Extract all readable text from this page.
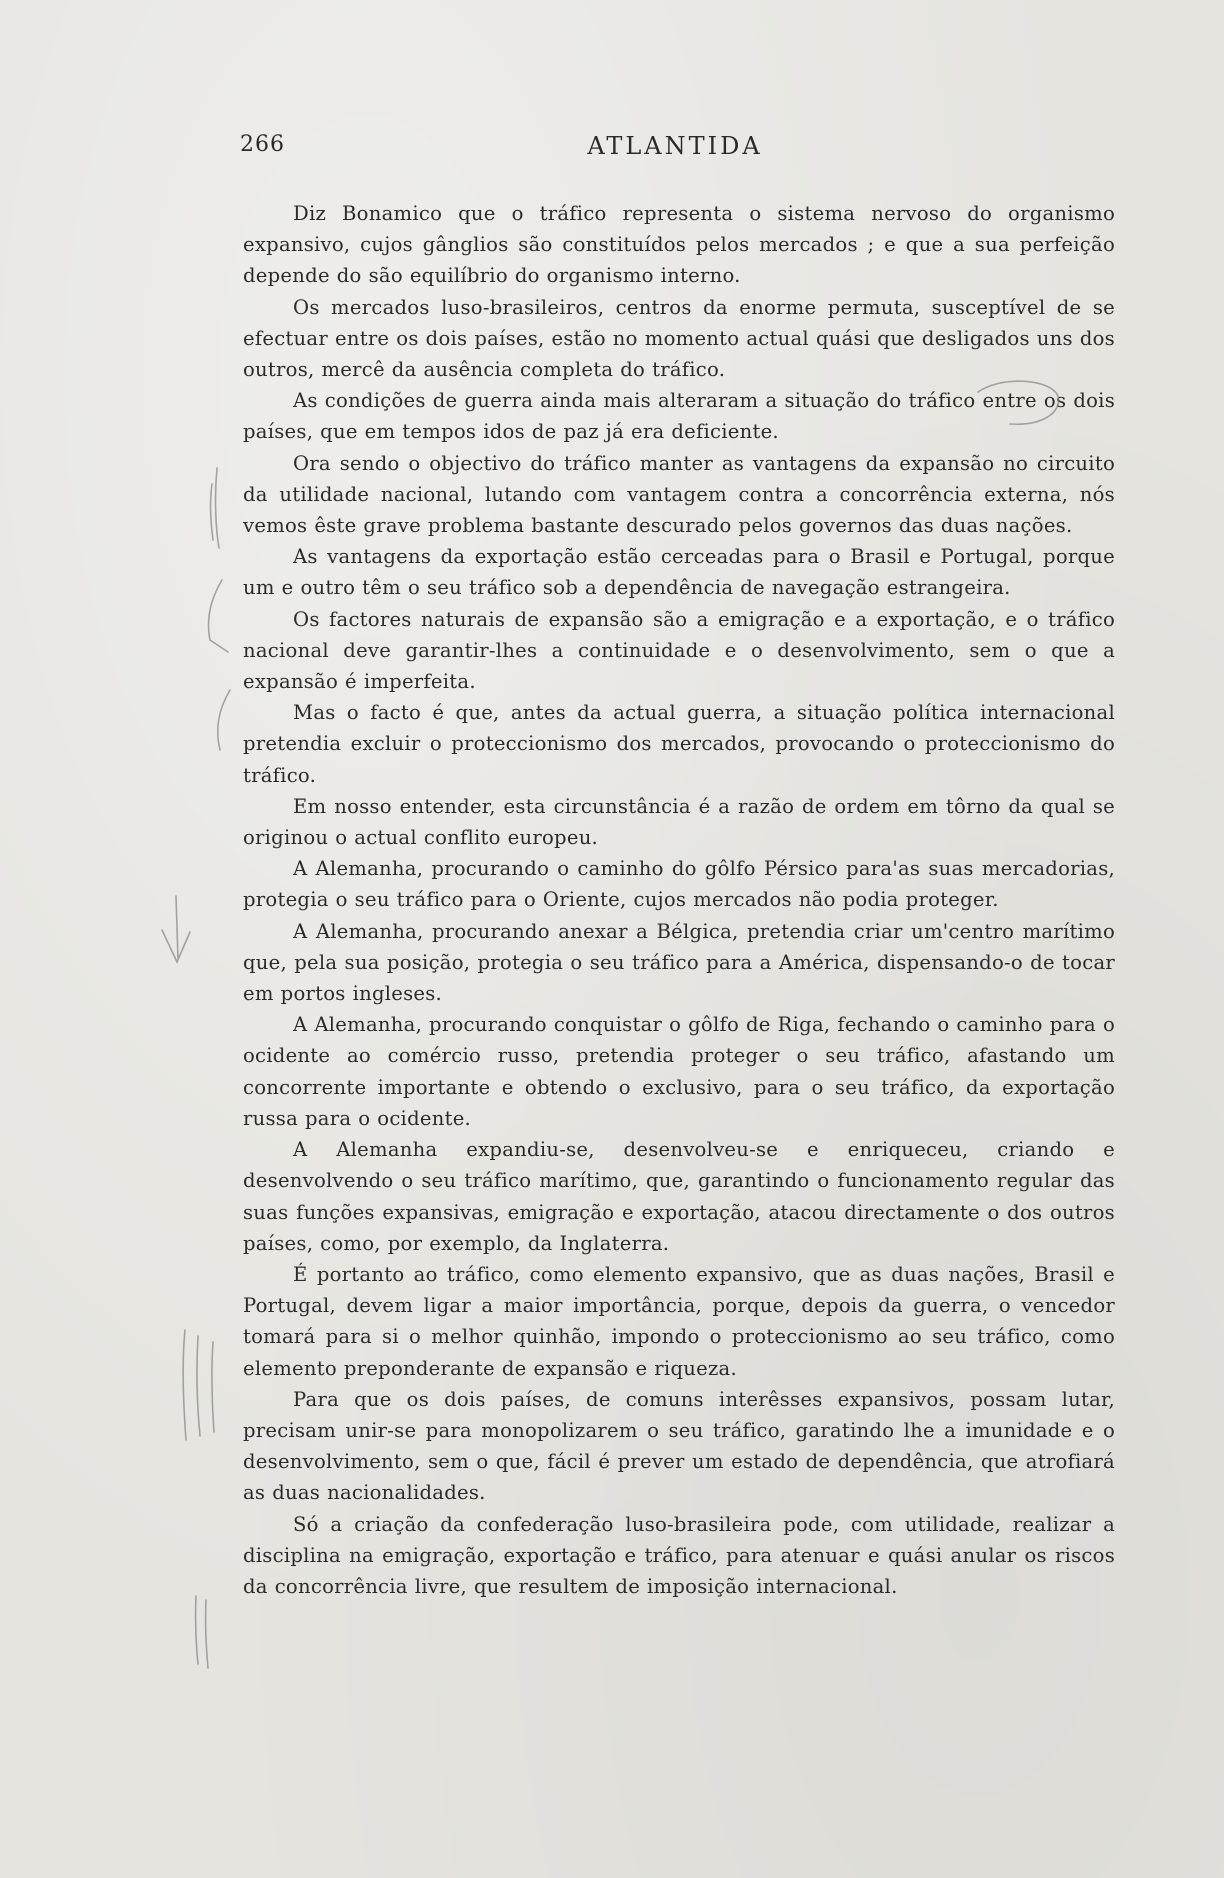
266	ATLANTIDA

Diz Bonamico que o tráfico representa o sistema nervoso do organismo expansivo, cujos gânglios são constituídos pelos mercados ; e que a sua perfeição depende do são equilíbrio do organismo interno.

Os mercados luso-brasileiros, centros da enorme permuta, susceptível de se efectuar entre os dois países, estão no momento actual quási que desligados uns dos outros, mercê da ausência completa do tráfico.

As condições de guerra ainda mais alteraram a situação do tráfico entre os dois países, que em tempos idos de paz já era deficiente.

Ora sendo o objectivo do tráfico manter as vantagens da expansão no circuito da utilidade nacional, lutando com vantagem contra a concorrência externa, nós vemos êste grave problema bastante descurado pelos governos das duas nações.

As vantagens da exportação estão cerceadas para o Brasil e Portugal, porque um e outro têm o seu tráfico sob a dependência de navegação estrangeira.

Os factores naturais de expansão são a emigração e a exportação, e o tráfico nacional deve garantir-lhes a continuidade e o desenvolvimento, sem o que a expansão é imperfeita.

Mas o facto é que, antes da actual guerra, a situação política internacional pretendia excluir o proteccionismo dos mercados, provocando o proteccionismo do tráfico.

Em nosso entender, esta circunstância é a razão de ordem em tôrno da qual se originou o actual conflito europeu.

A Alemanha, procurando o caminho do gôlfo Pérsico para'as suas mercadorias, protegia o seu tráfico para o Oriente, cujos mercados não podia proteger.

A Alemanha, procurando anexar a Bélgica, pretendia criar um'centro marítimo que, pela sua posição, protegia o seu tráfico para a América, dispensando-o de tocar em portos ingleses.

A Alemanha, procurando conquistar o gôlfo de Riga, fechando o caminho para o ocidente ao comércio russo, pretendia proteger o seu tráfico, afastando um concorrente importante e obtendo o exclusivo, para o seu tráfico, da exportação russa para o ocidente.

A Alemanha expandiu-se, desenvolveu-se e enriqueceu, criando e desenvolvendo o seu tráfico marítimo, que, garantindo o funcionamento regular das suas funções expansivas, emigração e exportação, atacou directamente o dos outros países, como, por exemplo, da Inglaterra.

É portanto ao tráfico, como elemento expansivo, que as duas nações, Brasil e Portugal, devem ligar a maior importância, porque, depois da guerra, o vencedor tomará para si o melhor quinhão, impondo o proteccionismo ao seu tráfico, como elemento preponderante de expansão e riqueza.

Para que os dois países, de comuns interêsses expansivos, possam lutar, precisam unir-se para monopolizarem o seu tráfico, garatindo lhe a imunidade e o desenvolvimento, sem o que, fácil é prever um estado de dependência, que atrofiará as duas nacionalidades.

Só a criação da confederação luso-brasileira pode, com utilidade, realizar a disciplina na emigração, exportação e tráfico, para atenuar e quási anular os riscos da concorrência livre, que resultem de imposição internacional.
